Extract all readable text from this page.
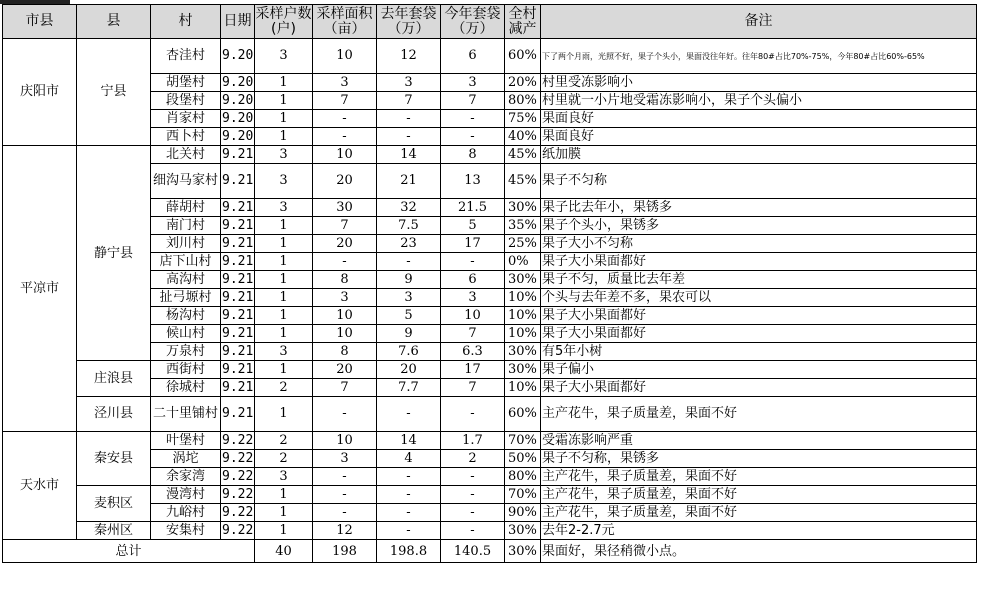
市县	县	村	日期	采样户数(户)	采样面积（亩）	去年套袋（万）	今年套袋（万）	全村减产	备注
庆阳市	宁县	杏洼村	9.20	3	10	12	6	60%	下了两个月雨，光照不好，果子个头小，果面没往年好。往年80#占比70%-75%，今年80#占比60%-65%
		胡堡村	9.20	1	3	3	3	20%	村里受冻影响小
		段堡村	9.20	1	7	7	7	80%	村里就一小片地受霜冻影响小，果子个头偏小
		肖家村	9.20	1	-	-	-	75%	果面良好
		西卜村	9.20	1	-	-	-	40%	果面良好
平凉市	静宁县	北关村	9.21	3	10	14	8	45%	纸加膜
		细沟马家村	9.21	3	20	21	13	45%	果子不匀称
		薛胡村	9.21	3	30	32	21.5	30%	果子比去年小，果锈多
		南门村	9.21	1	7	7.5	5	35%	果子个头小，果锈多
		刘川村	9.21	1	20	23	17	25%	果子大小不匀称
		店下山村	9.21	1	-	-	-	0%	果子大小果面都好
		高沟村	9.21	1	8	9	6	30%	果子不匀，质量比去年差
		扯弓塬村	9.21	1	3	3	3	10%	个头与去年差不多，果农可以
		杨沟村	9.21	1	10	5	10	10%	果子大小果面都好
		候山村	9.21	1	10	9	7	10%	果子大小果面都好
		万泉村	9.21	3	8	7.6	6.3	30%	有5年小树
	庄浪县	西街村	9.21	1	20	20	17	30%	果子偏小
		徐城村	9.21	2	7	7.7	7	10%	果子大小果面都好
	泾川县	二十里铺村	9.21	1	-	-	-	60%	主产花牛，果子质量差，果面不好
天水市	秦安县	叶堡村	9.22	2	10	14	1.7	70%	受霜冻影响严重
		涡坨	9.22	2	3	4	2	50%	果子不匀称，果锈多
		余家湾	9.22	3	-	-	-	80%	主产花牛，果子质量差，果面不好
	麦积区	漫湾村	9.22	1	-	-	-	70%	主产花牛，果子质量差，果面不好
		九峪村	9.22	1	-	-	-	90%	主产花牛，果子质量差，果面不好
	秦州区	安集村	9.22	1	12	-	-	30%	去年2-2.7元
总计				40	198	198.8	140.5	30%	果面好，果径稍微小点。
